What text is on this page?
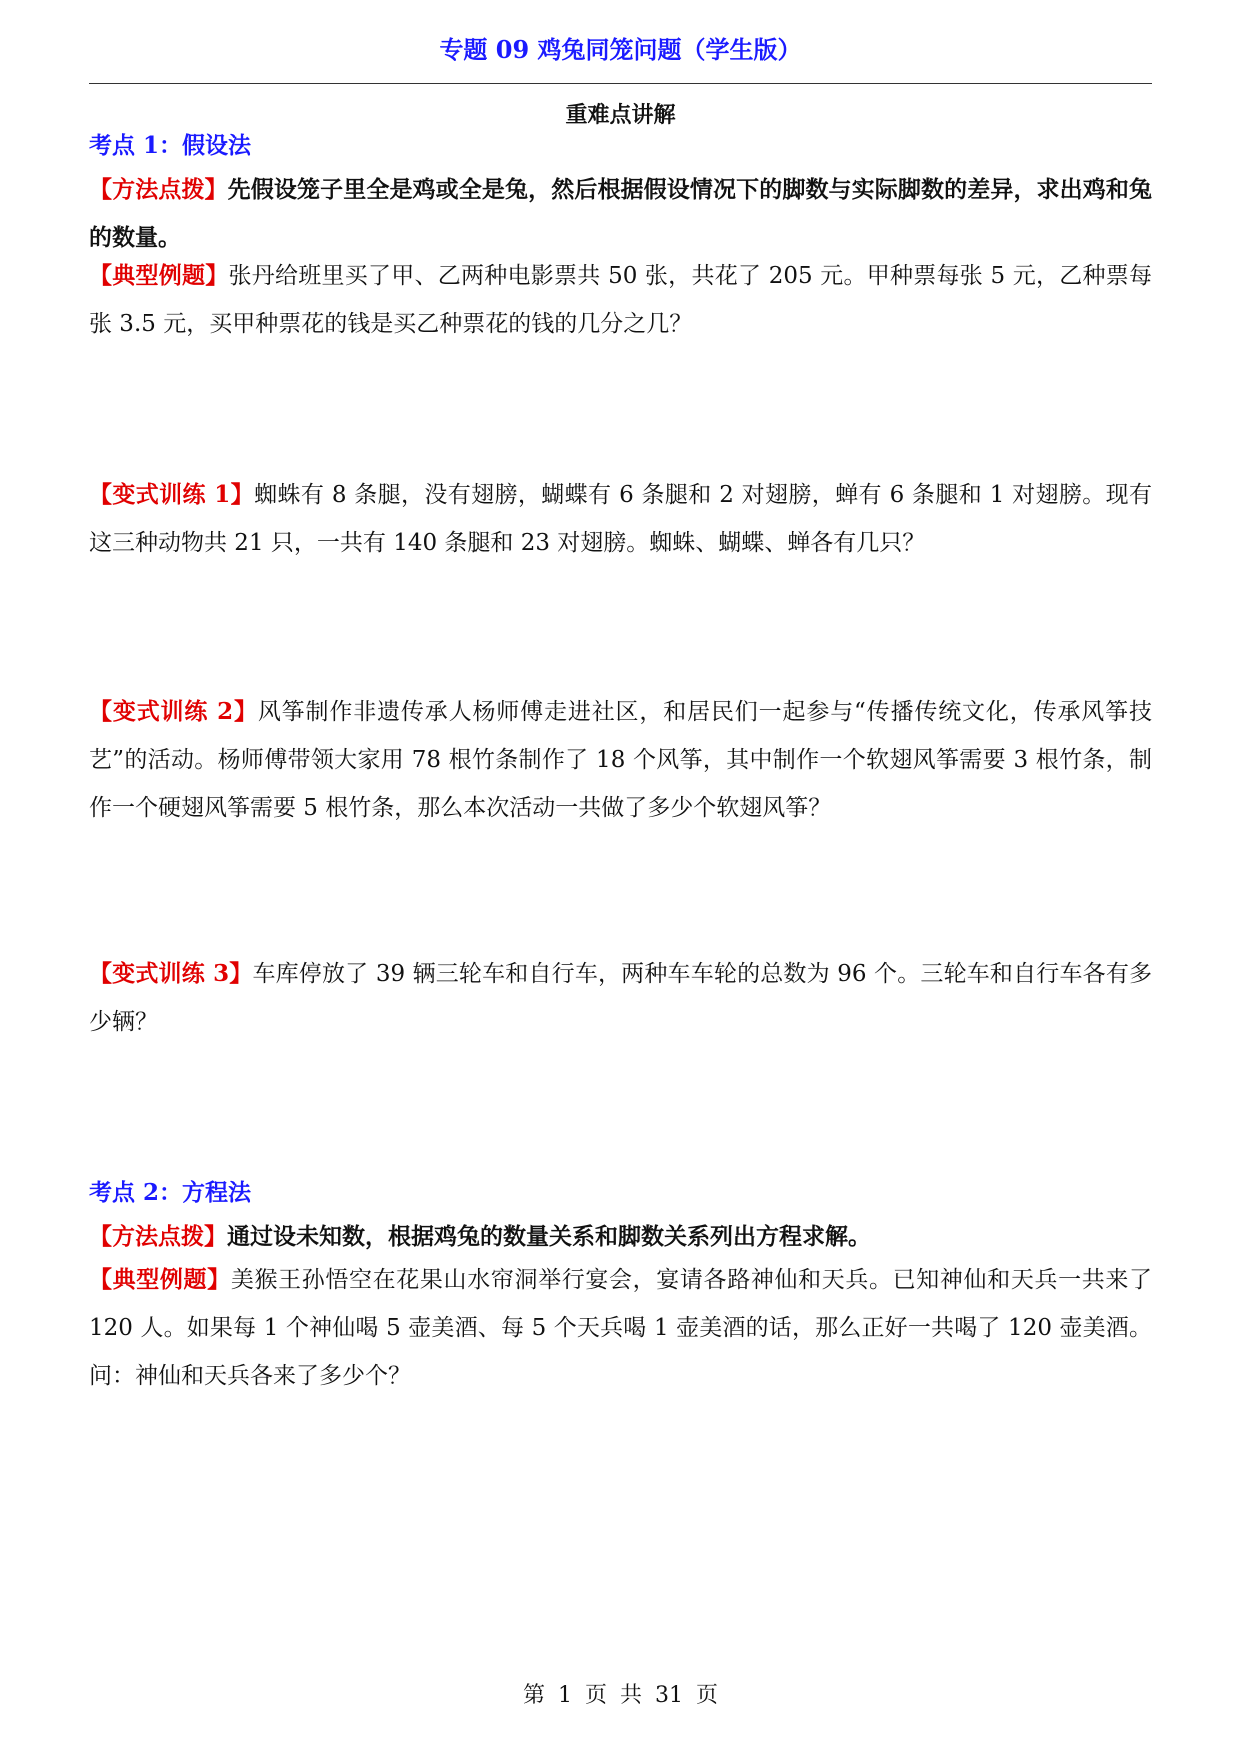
专题 09 鸡兔同笼问题（学生版）
重难点讲解
考点 1：假设法

【方法点拨】先假设笼子里全是鸡或全是兔，然后根据假设情况下的脚数与实际脚数的差异，求出鸡和兔的数量。

【典型例题】张丹给班里买了甲、乙两种电影票共 50 张，共花了 205 元。甲种票每张 5 元，乙种票每张 3.5 元，买甲种票花的钱是买乙种票花的钱的几分之几？

【变式训练 1】蜘蛛有 8 条腿，没有翅膀，蝴蝶有 6 条腿和 2 对翅膀，蝉有 6 条腿和 1 对翅膀。现有这三种动物共 21 只，一共有 140 条腿和 23 对翅膀。蜘蛛、蝴蝶、蝉各有几只？

【变式训练 2】风筝制作非遗传承人杨师傅走进社区，和居民们一起参与“传播传统文化，传承风筝技艺”的活动。杨师傅带领大家用 78 根竹条制作了 18 个风筝，其中制作一个软翅风筝需要 3 根竹条，制作一个硬翅风筝需要 5 根竹条，那么本次活动一共做了多少个软翅风筝？

【变式训练 3】车库停放了 39 辆三轮车和自行车，两种车车轮的总数为 96 个。三轮车和自行车各有多少辆？

考点 2：方程法

【方法点拨】通过设未知数，根据鸡兔的数量关系和脚数关系列出方程求解。

【典型例题】美猴王孙悟空在花果山水帘洞举行宴会，宴请各路神仙和天兵。已知神仙和天兵一共来了 120 人。如果每 1 个神仙喝 5 壶美酒、每 5 个天兵喝 1 壶美酒的话，那么正好一共喝了 120 壶美酒。问：神仙和天兵各来了多少个？

第 1 页 共 31 页
